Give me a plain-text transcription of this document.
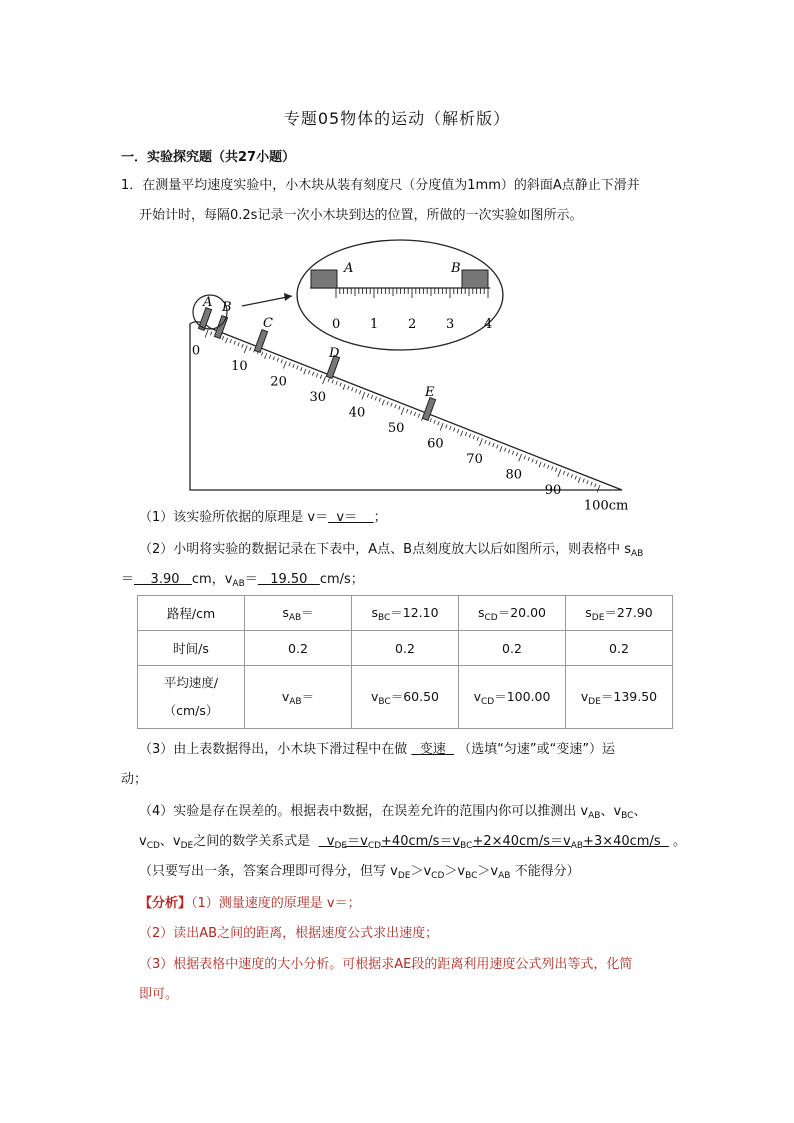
专题05物体的运动（解析版）
一．实验探究题（共27小题）
1．在测量平均速度实验中，小木块从装有刻度尺（分度值为1mm）的斜面A点静止下滑并
开始计时，每隔0.2s记录一次小木块到达的位置，所做的一次实验如图所示。
A	B
A B
C
D
E
0 1 2 3 4
0
10
20
30
40
50
60
70
80
90
100cm
（1）该实验所依据的原理是 v＝ v＝ ；
（2）小明将实验的数据记录在下表中，A点、B点刻度放大以后如图所示，则表格中 $s_{AB}$
＝ 3.90 cm，$v_{AB}= 19.50$ cm/s；
路程/cm	$s_{AB}=$	$s_{BC}=12.10$	$s_{CD}=20.00$	$s_{DE}=27.90$
时间/s	0.2	0.2	0.2	0.2
平均速度/
（cm/s）	$v_{AB}=$	$v_{BC}=60.50$	$v_{CD}=100.00$	$v_{DE}=139.50$
（3）由上表数据得出，小木块下滑过程中在做 变速 （选填“匀速”或“变速”）运
动；
（4）实验是存在误差的。根据表中数据，在误差允许的范围内你可以推测出 $v_{AB}$、$v_{BC}$、
$v_{CD}$、$v_{DE}$之间的数学关系式是    $v_{DE}=v_{CD}+40cm/s=v_{BC}+2\times 40cm/s=v_{AB}+3\times 40cm/s$   。
（只要写出一条，答案合理即可得分，但写 $v_{DE}>v_{CD}>v_{BC}>v_{AB}$ 不能得分）
【分析】（1）测量速度的原理是 v＝；
（2）读出AB之间的距离，根据速度公式求出速度；
（3）根据表格中速度的大小分析。可根据求AE段的距离利用速度公式列出等式，化简
即可。
